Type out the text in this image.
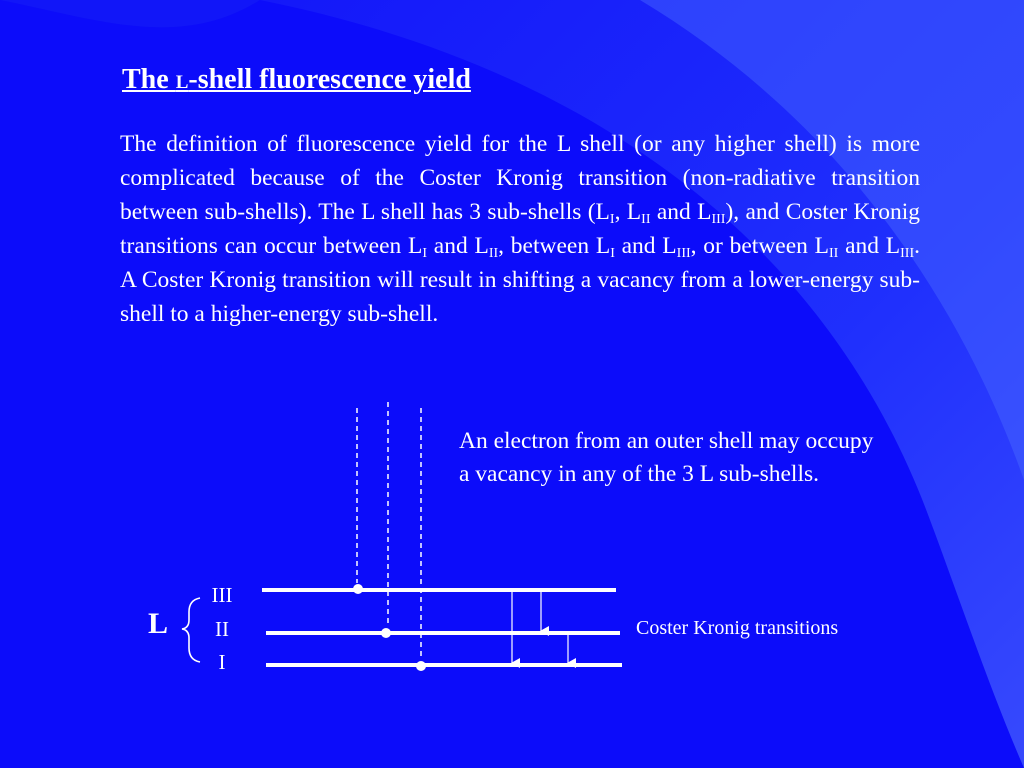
The L-shell fluorescence yield
The definition of fluorescence yield for the L shell (or any higher shell) is more complicated because of the Coster Kronig transition (non-radiative transition between sub-shells). The L shell has 3 sub-shells ($L_I$, $L_{II}$ and $L_{III}$), and Coster Kronig transitions can occur between $L_I$ and $L_{II}$, between $L_I$ and $L_{III}$, or between $L_{II}$ and $L_{III}$. A Coster Kronig transition will result in shifting a vacancy from a lower-energy sub-shell to a higher-energy sub-shell.
An electron from an outer shell may occupy a vacancy in any of the 3 L sub-shells.
L
III
II
I
Coster Kronig transitions
